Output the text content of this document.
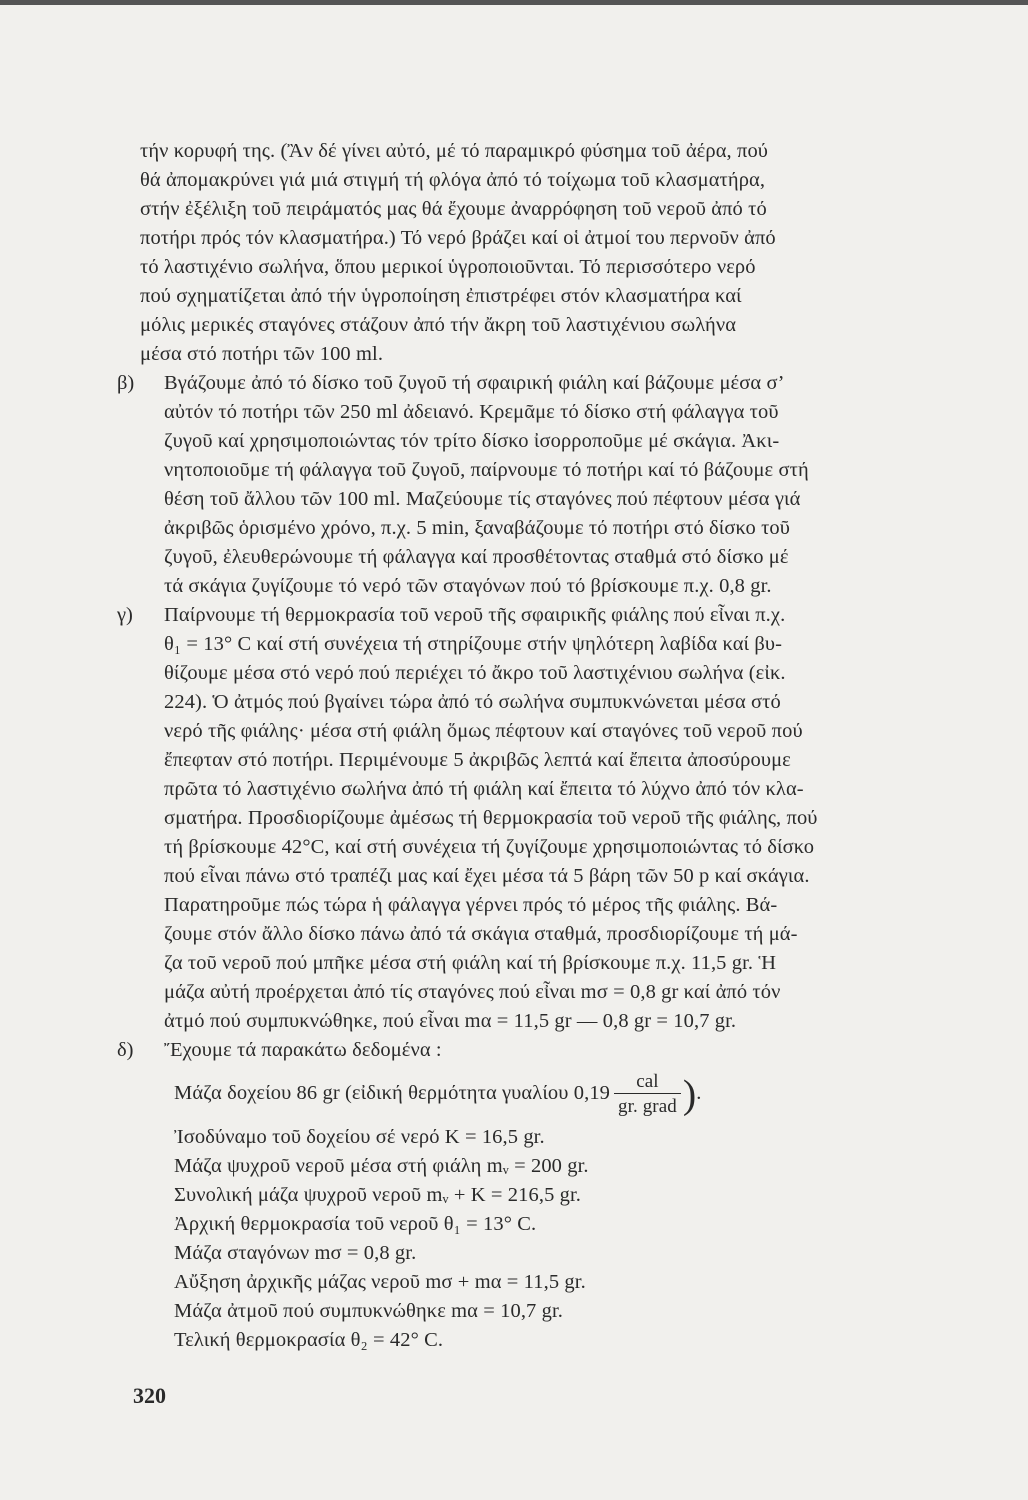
τήν κορυφή της. (Ἂν δέ γίνει αὐτό, μέ τό παραμικρό φύσημα τοῦ ἀέρα, πού
θά ἀπομακρύνει γιά μιά στιγμή τή φλόγα ἀπό τό τοίχωμα τοῦ κλασματήρα,
στήν ἐξέλιξη τοῦ πειράματός μας θά ἔχουμε ἀναρρόφηση τοῦ νεροῦ ἀπό τό
ποτήρι πρός τόν κλασματήρα.) Τό νερό βράζει καί οἱ ἀτμοί του περνοῦν ἀπό
τό λαστιχένιο σωλήνα, ὅπου μερικοί ὑγροποιοῦνται. Τό περισσότερο νερό
πού σχηματίζεται ἀπό τήν ὑγροποίηση ἐπιστρέφει στόν κλασματήρα καί
μόλις μερικές σταγόνες στάζουν ἀπό τήν ἄκρη τοῦ λαστιχένιου σωλήνα
μέσα στό ποτήρι τῶν 100 ml.
β) Βγάζουμε ἀπό τό δίσκο τοῦ ζυγοῦ τή σφαιρική φιάλη καί βάζουμε μέσα σ’
αὐτόν τό ποτήρι τῶν 250 ml ἀδειανό. Κρεμᾶμε τό δίσκο στή φάλαγγα τοῦ
ζυγοῦ καί χρησιμοποιώντας τόν τρίτο δίσκο ἰσορροποῦμε μέ σκάγια. Ἀκι-
νητοποιοῦμε τή φάλαγγα τοῦ ζυγοῦ, παίρνουμε τό ποτήρι καί τό βάζουμε στή
θέση τοῦ ἄλλου τῶν 100 ml. Μαζεύουμε τίς σταγόνες πού πέφτουν μέσα γιά
ἀκριβῶς ὁρισμένο χρόνο, π.χ. 5 min, ξαναβάζουμε τό ποτήρι στό δίσκο τοῦ
ζυγοῦ, ἐλευθερώνουμε τή φάλαγγα καί προσθέτοντας σταθμά στό δίσκο μέ
τά σκάγια ζυγίζουμε τό νερό τῶν σταγόνων πού τό βρίσκουμε π.χ. 0,8 gr.
γ) Παίρνουμε τή θερμοκρασία τοῦ νεροῦ τῆς σφαιρικῆς φιάλης πού εἶναι π.χ.
θ₁ = 13° C καί στή συνέχεια τή στηρίζουμε στήν ψηλότερη λαβίδα καί βυ-
θίζουμε μέσα στό νερό πού περιέχει τό ἄκρο τοῦ λαστιχένιου σωλήνα (εἰκ.
224). Ὁ ἀτμός πού βγαίνει τώρα ἀπό τό σωλήνα συμπυκνώνεται μέσα στό
νερό τῆς φιάλης· μέσα στή φιάλη ὅμως πέφτουν καί σταγόνες τοῦ νεροῦ πού
ἔπεφταν στό ποτήρι. Περιμένουμε 5 ἀκριβῶς λεπτά καί ἔπειτα ἀποσύρουμε
πρῶτα τό λαστιχένιο σωλήνα ἀπό τή φιάλη καί ἔπειτα τό λύχνο ἀπό τόν κλα-
σματήρα. Προσδιορίζουμε ἀμέσως τή θερμοκρασία τοῦ νεροῦ τῆς φιάλης, πού
τή βρίσκουμε 42°C, καί στή συνέχεια τή ζυγίζουμε χρησιμοποιώντας τό δίσκο
πού εἶναι πάνω στό τραπέζι μας καί ἔχει μέσα τά 5 βάρη τῶν 50 p καί σκάγια.
Παρατηροῦμε πώς τώρα ἡ φάλαγγα γέρνει πρός τό μέρος τῆς φιάλης. Βά-
ζουμε στόν ἄλλο δίσκο πάνω ἀπό τά σκάγια σταθμά, προσδιορίζουμε τή μά-
ζα τοῦ νεροῦ πού μπῆκε μέσα στή φιάλη καί τή βρίσκουμε π.χ. 11,5 gr. Ἡ
μάζα αὐτή προέρχεται ἀπό τίς σταγόνες πού εἶναι mσ = 0,8 gr καί ἀπό τόν
ἀτμό πού συμπυκνώθηκε, πού εἶναι mα = 11,5 gr — 0,8 gr = 10,7 gr.
δ) Ἔχουμε τά παρακάτω δεδομένα :
Μάζα δοχείου 86 gr (εἰδική θερμότητα γυαλίου $0,19 \frac{\text{cal}}{\text{gr. grad}}$ ).
Ἰσοδύναμο τοῦ δοχείου σέ νερό K = 16,5 gr.
Μάζα ψυχροῦ νεροῦ μέσα στή φιάλη mᵥ = 200 gr.
Συνολική μάζα ψυχροῦ νεροῦ mᵥ + K = 216,5 gr.
Ἀρχική θερμοκρασία τοῦ νεροῦ θ₁ = 13° C.
Μάζα σταγόνων mσ = 0,8 gr.
Αὔξηση ἀρχικῆς μάζας νεροῦ mσ + mα = 11,5 gr.
Μάζα ἀτμοῦ πού συμπυκνώθηκε mα = 10,7 gr.
Τελική θερμοκρασία θ₂ = 42° C.
320
